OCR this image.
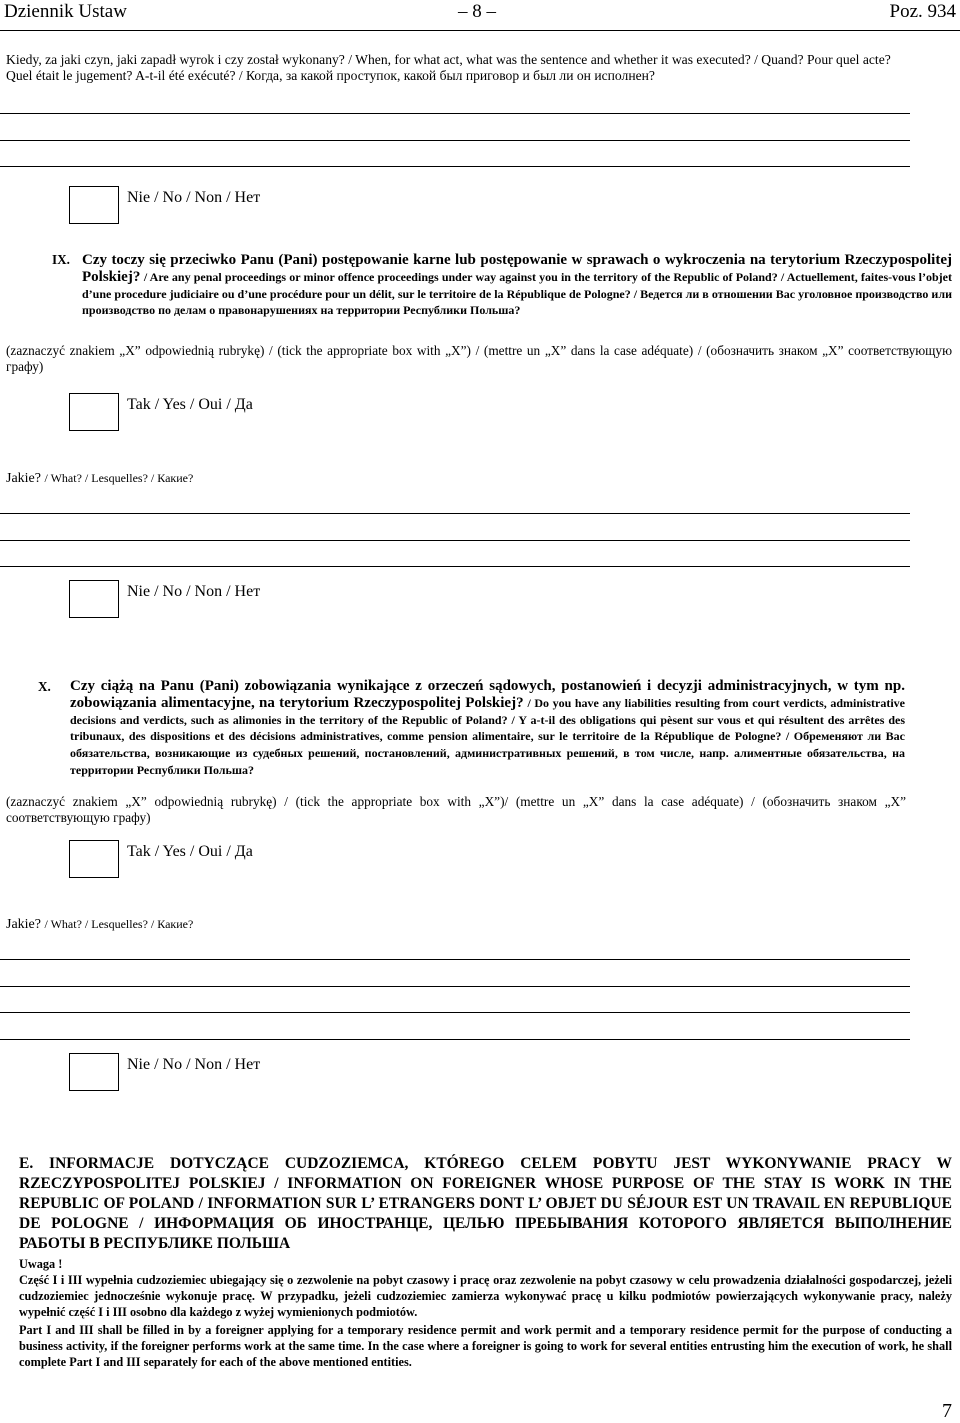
Dziennik Ustaw	– 8 –	Poz. 934
Kiedy, za jaki czyn, jaki zapadł wyrok i czy został wykonany? / When, for what act, what was the sentence and whether it was executed? / Quand? Pour quel acte? Quel était le jugement? A-t-il été exécuté? / Когда, за какой проступок, какой был приговор и был ли он исполнен?
Nie / No / Non / Нет
IX. Czy toczy się przeciwko Panu (Pani) postępowanie karne lub postępowanie w sprawach o wykroczenia na terytorium Rzeczypospolitej Polskiej? / Are any penal proceedings or minor offence proceedings under way against you in the territory of the Republic of Poland? / Actuellement, faites-vous l’objet d’une procedure judiciaire ou d’une procédure pour un délit, sur le territoire de la République de Pologne? / Ведется ли в отношении Вас уголовное производство или производство по делам о правонарушениях на территории Республики Польша?
(zaznaczyć znakiem „X” odpowiednią rubrykę) / (tick the appropriate box with „X”) / (mettre un „X” dans la case adéquate) / (обозначить знаком „X” соответствующую графу)
Tak / Yes / Oui / Да
Jakie? / What? / Lesquelles? / Какие?
Nie / No / Non / Нет
X.	Czy ciążą na Panu (Pani) zobowiązania wynikające z orzeczeń sądowych, postanowień i decyzji administracyjnych, w tym np. zobowiązania alimentacyjne, na terytorium Rzeczypospolitej Polskiej? / Do you have any liabilities resulting from court verdicts, administrative decisions and verdicts, such as alimonies in the territory of the Republic of Poland? / Y a-t-il des obligations qui pèsent sur vous et qui résultent des arrêtes des tribunaux, des dispositions et des décisions administratives, comme pension alimentaire, sur le territoire de la République de Pologne? / Обременяют ли Вас обязательства, возникающие из судебных решений, постановлений, административных решений, в том числе, напр. алиментные обязательства, на территории Республики Польша?
(zaznaczyć znakiem „X” odpowiednią rubrykę) / (tick the appropriate box with „X”)/ (mettre un „X” dans la case adéquate) / (обозначить знаком „X” соответствующую графу)
Tak / Yes / Oui / Да
Jakie? / What? / Lesquelles? / Какие?
Nie / No / Non / Нет
E. INFORMACJE DOTYCZĄCE CUDZOZIEMCA, KTÓREGO CELEM POBYTU JEST WYKONYWANIE PRACY W RZECZYPOSPOLITEJ POLSKIEJ / INFORMATION ON FOREIGNER WHOSE PURPOSE OF THE STAY IS WORK IN THE REPUBLIC OF POLAND / INFORMATION SUR L’ ETRANGERS DONT L’ OBJET DU SÉJOUR EST UN TRAVAIL EN REPUBLIQUE DE POLOGNE / ИНФОРМАЦИЯ ОБ ИНОСТРАНЦЕ, ЦЕЛЬЮ ПРЕБЫВАНИЯ КОТОРОГО ЯВЛЯЕТСЯ ВЫПОЛНЕНИЕ РАБОТЫ В РЕСПУБЛИКЕ ПОЛЬША
Uwaga !
Część I i III wypełnia cudzoziemiec ubiegający się o zezwolenie na pobyt czasowy i pracę oraz zezwolenie na pobyt czasowy w celu prowadzenia działalności gospodarczej, jeżeli cudzoziemiec jednocześnie wykonuje pracę. W przypadku, jeżeli cudzoziemiec zamierza wykonywać pracę u kilku podmiotów powierzających wykonywanie pracy, należy wypełnić część I i III osobno dla każdego z wyżej wymienionych podmiotów.
Part I and III shall be filled in by a foreigner applying for a temporary residence permit and work permit and a temporary residence permit for the purpose of conducting a business activity, if the foreigner performs work at the same time. In the case where a foreigner is going to work for several entities entrusting him the execution of work, he shall complete Part I and III separately for each of the above mentioned entities.
7
